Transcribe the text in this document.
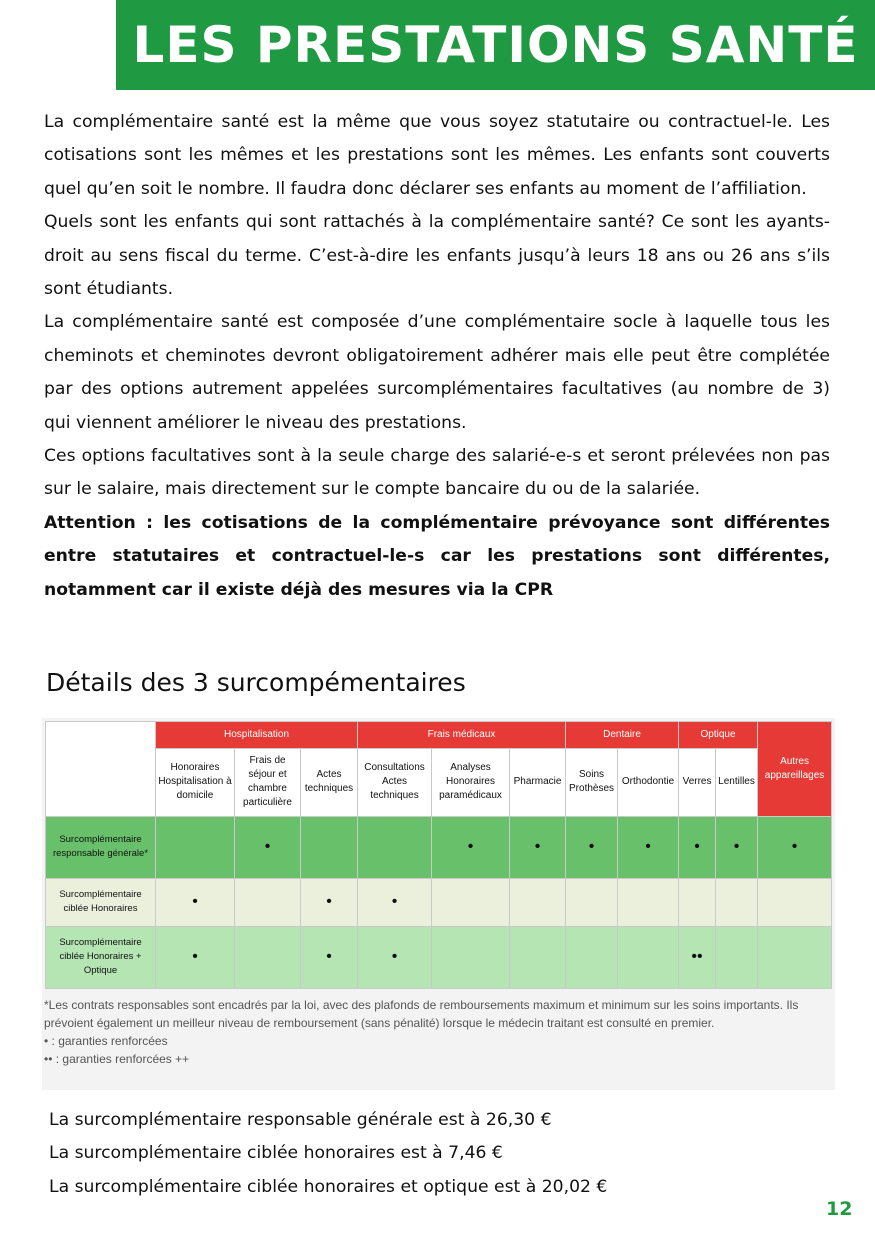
LES PRESTATIONS SANTÉ

La complémentaire santé est la même que vous soyez statutaire ou contractuel-le. Les cotisations sont les mêmes et les prestations sont les mêmes. Les enfants sont couverts quel qu’en soit le nombre. Il faudra donc déclarer ses enfants au moment de l’affiliation.

Quels sont les enfants qui sont rattachés à la complémentaire santé? Ce sont les ayants-droit au sens fiscal du terme. C’est-à-dire les enfants jusqu’à leurs 18 ans ou 26 ans s’ils sont étudiants.

La complémentaire santé est composée d’une complémentaire socle à laquelle tous les cheminots et cheminotes devront obligatoirement adhérer mais elle peut être complétée par des options autrement appelées surcomplémentaires facultatives (au nombre de 3) qui viennent améliorer le niveau des prestations.

Ces options facultatives sont à la seule charge des salarié-e-s et seront prélevées non pas sur le salaire, mais directement sur le compte bancaire du ou de la salariée.

Attention : les cotisations de la complémentaire prévoyance sont différentes entre statutaires et contractuel-le-s car les prestations sont différentes, notamment car il existe déjà des mesures via la CPR

Détails des 3 surcompémentaires
	Hospitalisation			Frais médicaux			Dentaire		Optique		Autres appareillages
	Honoraires Hospitalisation à domicile	Frais de séjour et chambre particulière	Actes techniques	Consultations Actes techniques	Analyses Honoraires paramédicaux	Pharmacie	Soins Prothèses	Orthodontie	Verres	Lentilles	
Surcomplémentaire responsable générale*		•			•	•	•	•	•	•	•
Surcomplémentaire ciblée Honoraires	•		•	•							
Surcomplémentaire ciblée Honoraires + Optique	•		•	•					••		
*Les contrats responsables sont encadrés par la loi, avec des plafonds de remboursements maximum et minimum sur les soins importants. Ils prévoient également un meilleur niveau de remboursement (sans pénalité) lorsque le médecin traitant est consulté en premier.
• : garanties renforcées
•• : garanties renforcées ++
La surcomplémentaire responsable générale est à 26,30 €
La surcomplémentaire ciblée honoraires est à 7,46 €
La surcomplémentaire ciblée honoraires et optique est à 20,02 €
12
